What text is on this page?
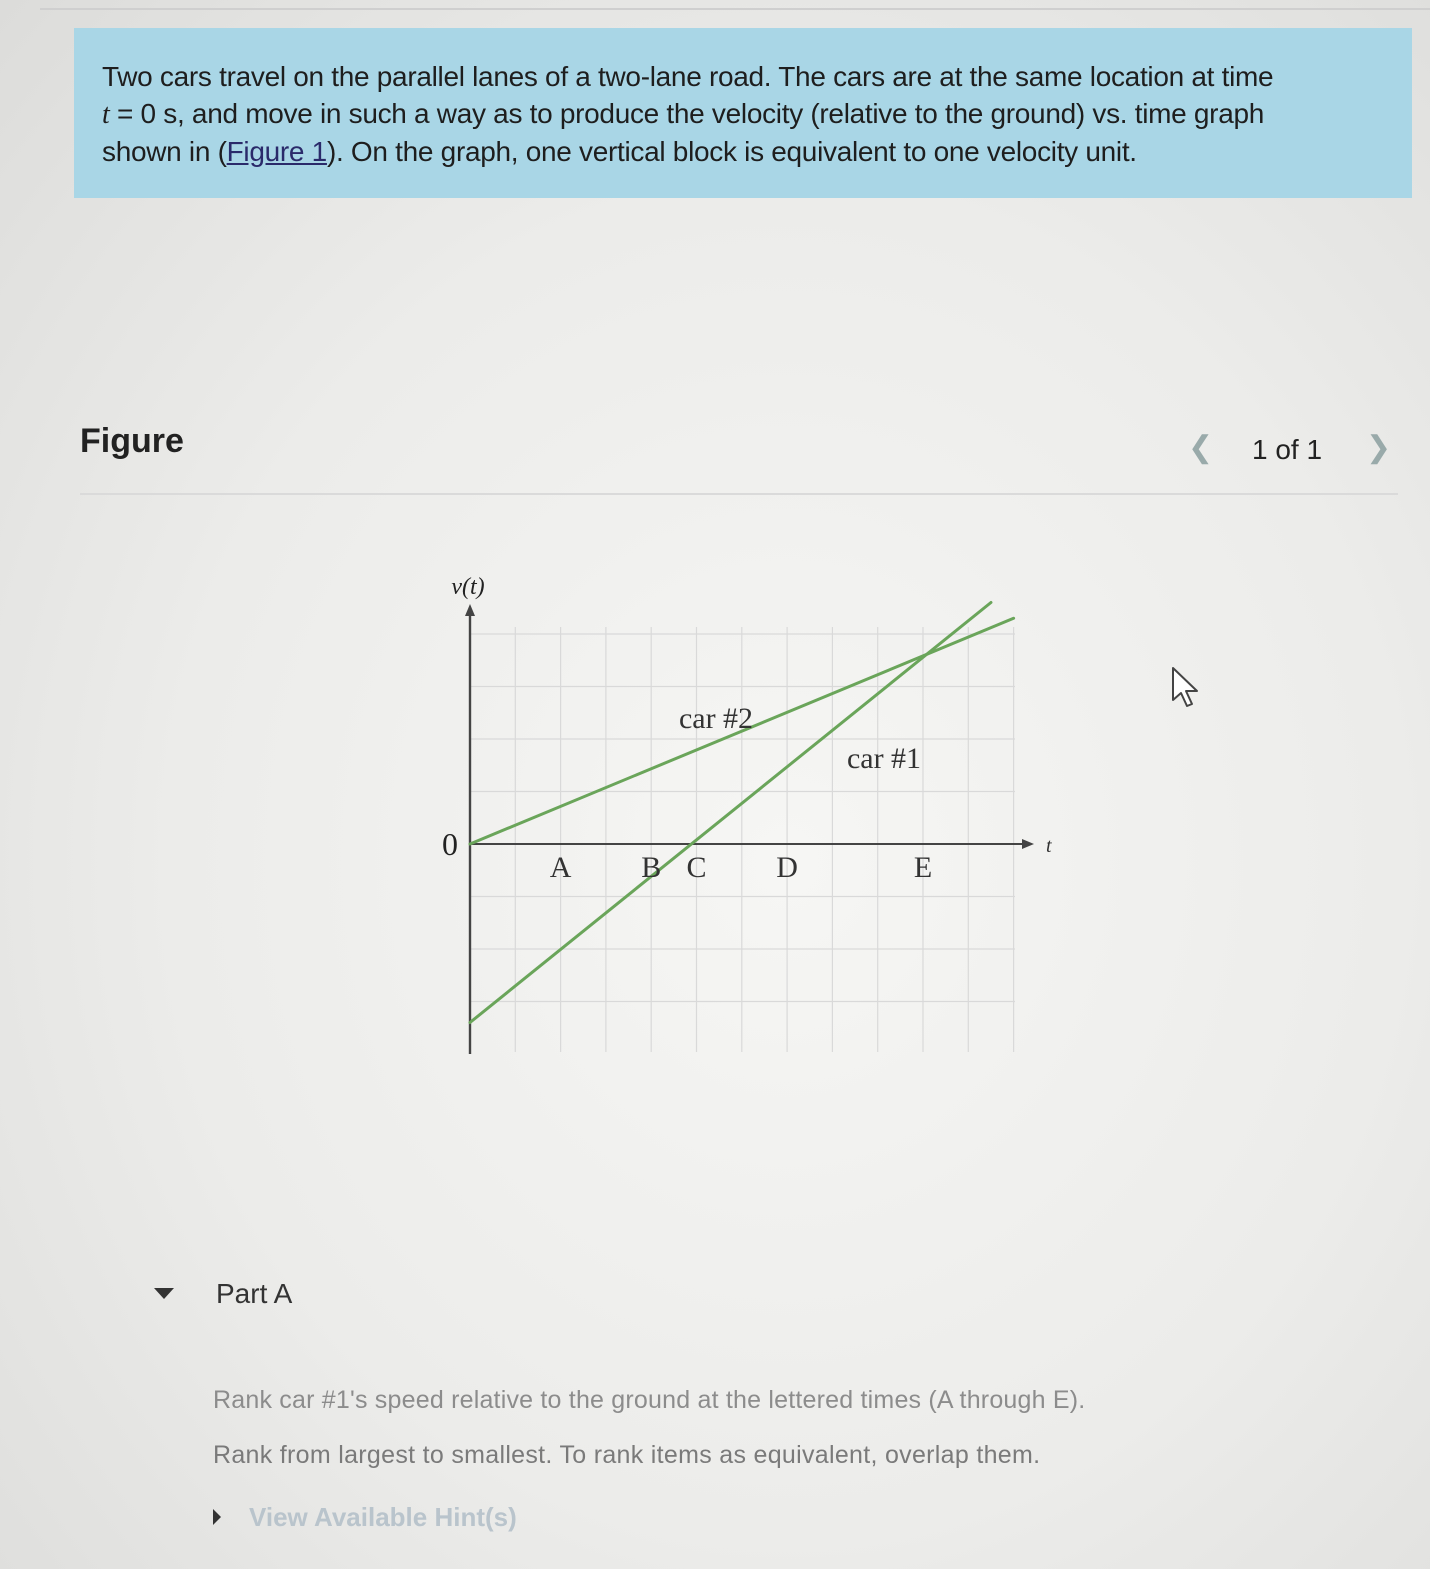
Two cars travel on the parallel lanes of a two-lane road. The cars are at the same location at time
t = 0 s, and move in such a way as to produce the velocity (relative to the ground) vs. time graph
shown in (Figure 1). On the graph, one vertical block is equivalent to one velocity unit.
Figure	❮ 1 of 1 ❯
v(t)
t
0
A B C D	E
car #2
car #1
Part A
Rank car #1's speed relative to the ground at the lettered times (A through E).
Rank from largest to smallest. To rank items as equivalent, overlap them.
View Available Hint(s)
